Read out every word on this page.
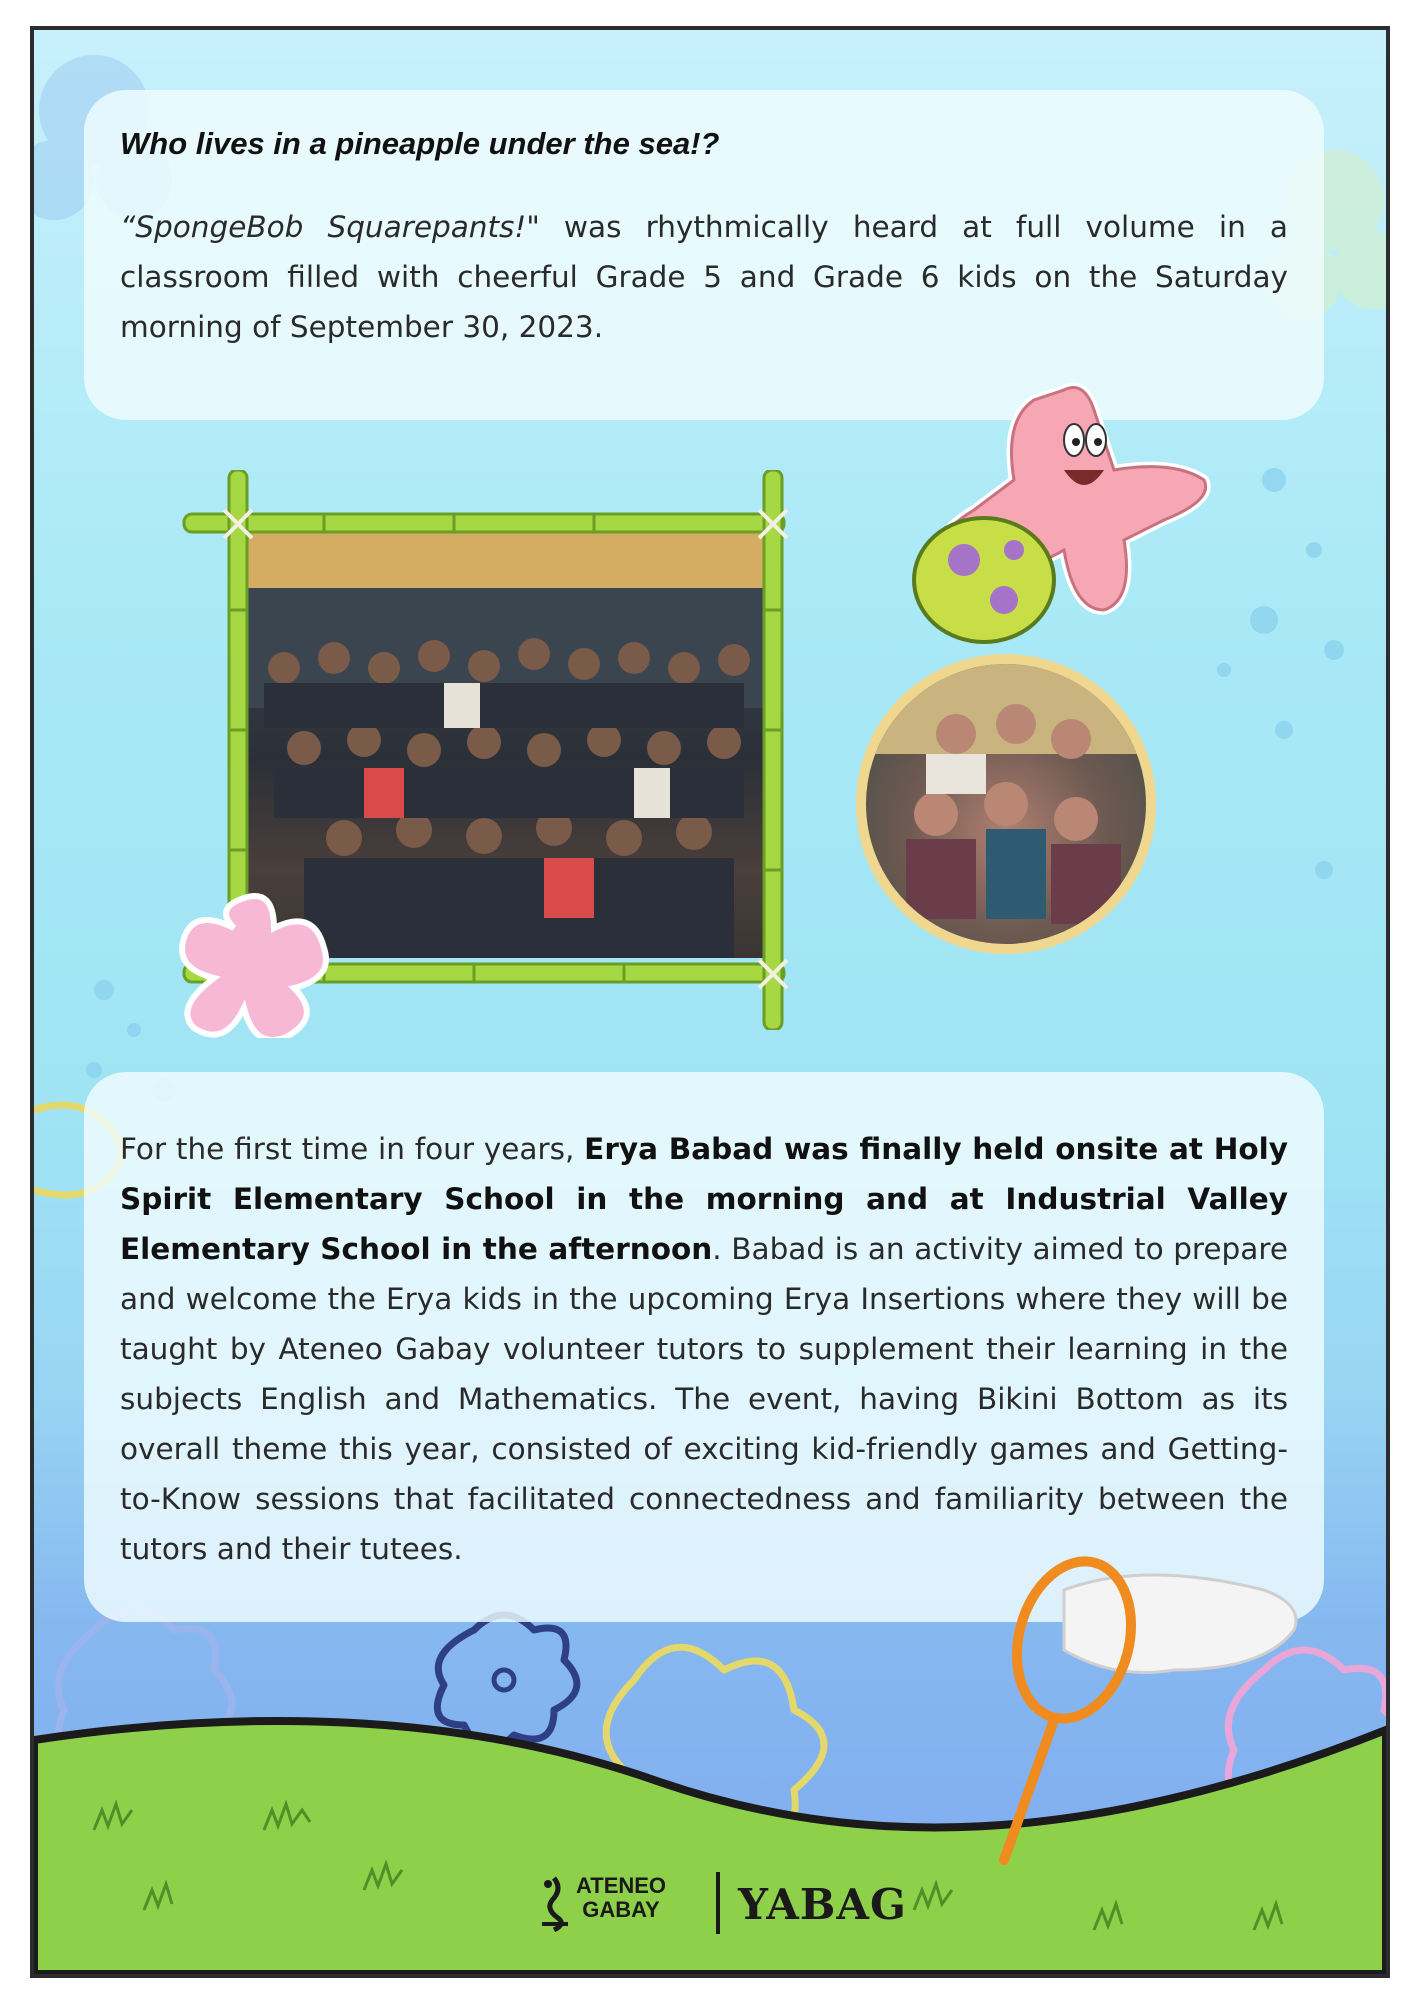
Who lives in a pineapple under the sea!?

“SpongeBob Squarepants!" was rhythmically heard at full volume in a classroom filled with cheerful Grade 5 and Grade 6 kids on the Saturday morning of September 30, 2023.

For the first time in four years, Erya Babad was finally held onsite at Holy Spirit Elementary School in the morning and at Industrial Valley Elementary School in the afternoon. Babad is an activity aimed to prepare and welcome the Erya kids in the upcoming Erya Insertions where they will be taught by Ateneo Gabay volunteer tutors to supplement their learning in the subjects English and Mathematics. The event, having Bikini Bottom as its overall theme this year, consisted of exciting kid-friendly games and Getting-to-Know sessions that facilitated connectedness and familiarity between the tutors and their tutees.

ATENEO
GABAY YABAG
